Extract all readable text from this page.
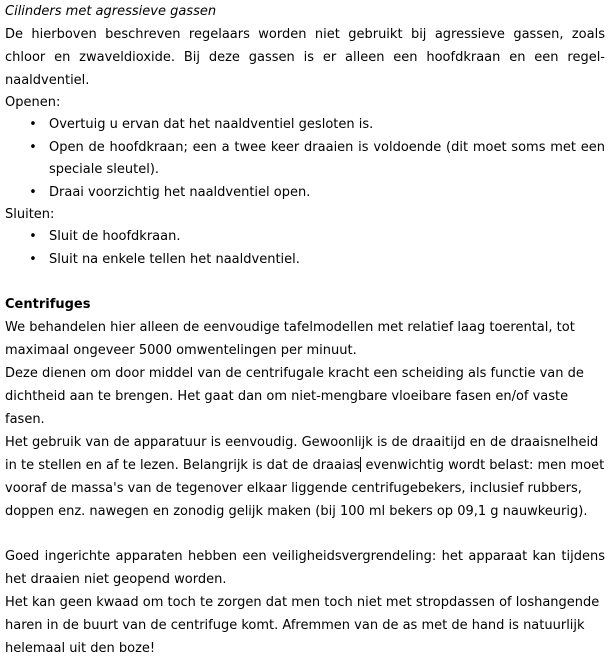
Cilinders met agressieve gassen

De hierboven beschreven regelaars worden niet gebruikt bij agressieve gassen, zoals chloor en zwaveldioxide. Bij deze gassen is er alleen een hoofdkraan en een regel-naaldventiel.

Openen:

• Overtuig u ervan dat het naaldventiel gesloten is.
• Open de hoofdkraan; een a twee keer draaien is voldoende (dit moet soms met een speciale sleutel).
• Draai voorzichtig het naaldventiel open.

Sluiten:

• Sluit de hoofdkraan.
• Sluit na enkele tellen het naaldventiel.

Centrifuges

We behandelen hier alleen de eenvoudige tafelmodellen met relatief laag toerental, tot maximaal ongeveer 5000 omwentelingen per minuut.

Deze dienen om door middel van de centrifugale kracht een scheiding als functie van de dichtheid aan te brengen. Het gaat dan om niet-mengbare vloeibare fasen en/of vaste fasen.

Het gebruik van de apparatuur is eenvoudig. Gewoonlijk is de draaitijd en de draaisnelheid in te stellen en af te lezen. Belangrijk is dat de draaias evenwichtig wordt belast: men moet vooraf de massa's van de tegenover elkaar liggende centrifugebekers, inclusief rubbers, doppen enz. nawegen en zonodig gelijk maken (bij 100 ml bekers op 09,1 g nauwkeurig).

Goed ingerichte apparaten hebben een veiligheidsvergrendeling: het apparaat kan tijdens het draaien niet geopend worden.

Het kan geen kwaad om toch te zorgen dat men toch niet met stropdassen of loshangende haren in de buurt van de centrifuge komt. Afremmen van de as met de hand is natuurlijk helemaal uit den boze!
